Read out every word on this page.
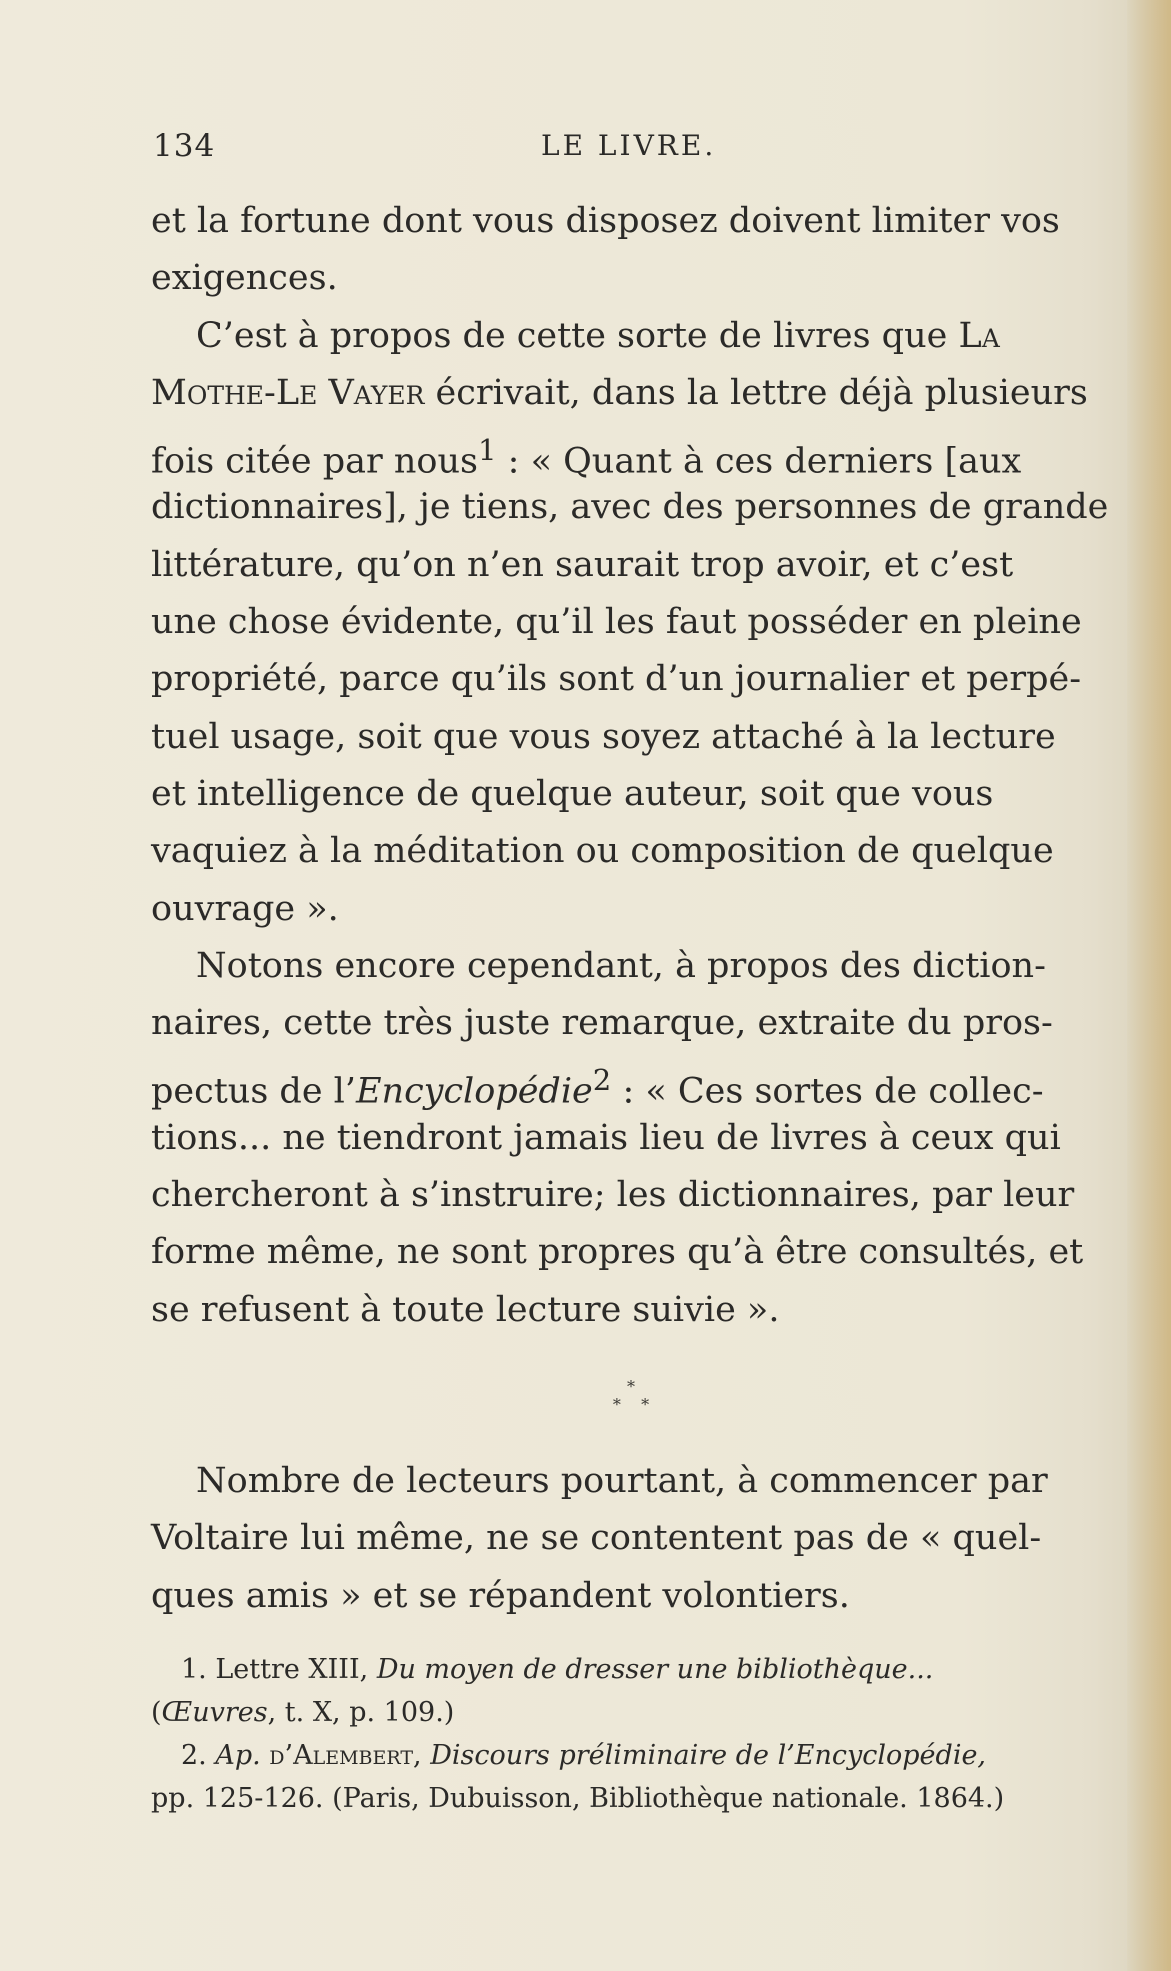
134	LE LIVRE.
et la fortune dont vous disposez doivent limiter vos
exigences.
C’est à propos de cette sorte de livres que La
Mothe-Le Vayer écrivait, dans la lettre déjà plusieurs
fois citée par nous$^1$ : « Quant à ces derniers [aux
dictionnaires], je tiens, avec des personnes de grande
littérature, qu’on n’en saurait trop avoir, et c’est
une chose évidente, qu’il les faut posséder en pleine
propriété, parce qu’ils sont d’un journalier et perpé-
tuel usage, soit que vous soyez attaché à la lecture
et intelligence de quelque auteur, soit que vous
vaquiez à la méditation ou composition de quelque
ouvrage ».
Notons encore cependant, à propos des diction-
naires, cette très juste remarque, extraite du pros-
pectus de l’Encyclopédie$^2$ : « Ces sortes de collec-
tions... ne tiendront jamais lieu de livres à ceux qui
chercheront à s’instruire; les dictionnaires, par leur
forme même, ne sont propres qu’à être consultés, et
se refusent à toute lecture suivie ».
*
*    *
Nombre de lecteurs pourtant, à commencer par Voltaire lui même, ne se contentent pas de « quel- ques amis » et se répandent volontiers.
1. Lettre XIII, Du moyen de dresser une bibliothèque...
(Œuvres, t. X, p. 109.)
2. Ap. d’Alembert, Discours préliminaire de l’Encyclopédie,
pp. 125-126. (Paris, Dubuisson, Bibliothèque nationale. 1864.)
